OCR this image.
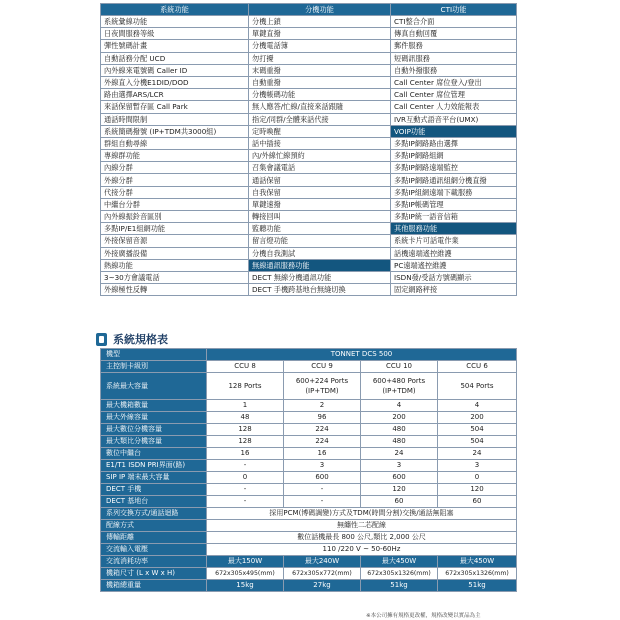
系統功能	分機功能	CTI功能
系統彙線功能	分機上鎖	CTI整合介面
日夜間服務等級	單鍵直撥	傳真自動回覆
彈性號碼計畫	分機電話簿	郵件服務
自動話務分配 UCD	勿打擾	短碼訊服務
內外線來電號碼 Caller ID	末碼重撥	自動外撥服務
外線直入分機E1DID/DOD	自動重撥	Call Center 席位登入/登出
路由選擇ARS/LCR	分機帳碼功能	Call Center 席位管理
來話保留暫存區 Call Park	無人應答/忙線/直接來話跟隨	Call Center 人力效能報表
通話時間限制	指定/同群/全體來話代接	IVR互動式語音平台(UMX)
系統簡碼撥號 (IP+TDM共3000組)	定時喚醒	VOIP功能
群組自動尋線	話中插接	多點IP網路路由選擇
專線群功能	內/外線忙線預約	多點IP網路組網
內線分群	召集會議電話	多點IP網路遠端監控
外線分群	通話保留	多點IP網路通訊組網分機直撥
代接分群	自我保留	多點IP組網遠端下載服務
中繼台分群	單鍵速撥	多點IP帳碼管理
內外線振鈴音區別	轉接回叫	多點IP統一語音信箱
多點IP/E1組網功能	監聽功能	其他服務功能
外接保留音源	留言燈功能	系統卡片可話電作業
外接廣播設備	分機自我測試	話機遠端遙控維護
熱線功能	無線通訊服務功能	PC遠端遙控維護
3~30方會議電話	DECT 無線分機通訊功能	ISDN發/受話方號碼顯示
外線極性反轉	DECT 手機跨基地台無縫切換	固定網路秤接
系統規格表
機型	TONNET DCS 500			
主控制卡級別	CCU 8	CCU 9	CCU 10	CCU 6
系統最大容量	128 Ports	600+224 Ports (IP+TDM)	600+480 Ports (IP+TDM)	504 Ports
最大機箱數量	1	2	4	4
最大外線容量	48	96	200	200
最大數位分機容量	128	224	480	504
最大類比分機容量	128	224	480	504
數位中繼台	16	16	24	24
E1/T1 ISDN PRI界面(路)	-	3	3	3
SIP IP 端末最大容量	0	600	600	0
DECT 手機	-	-	120	120
DECT 基地台	-	-	60	60
系列交換方式/通話迴路	採用PCM(博碼調變)方式及TDM(時間分割)交換/通話無阻塞			
配線方式	無纏性二芯配線			
傳輸距離	數位話機最長 800 公尺,類比 2,000 公尺			
交流輸入電壓	110 /220 V ~ 50-60Hz			
交流消耗功率	最大150W	最大240W	最大450W	最大450W
機箱尺寸 (L x W x H)	672x305x495(mm)	672x305x772(mm)	672x305x1326(mm)	672x305x1326(mm)
機箱總重量	15kg	27kg	51kg	51kg
※本公司擁有規格更改權，規格改變以實品為主
